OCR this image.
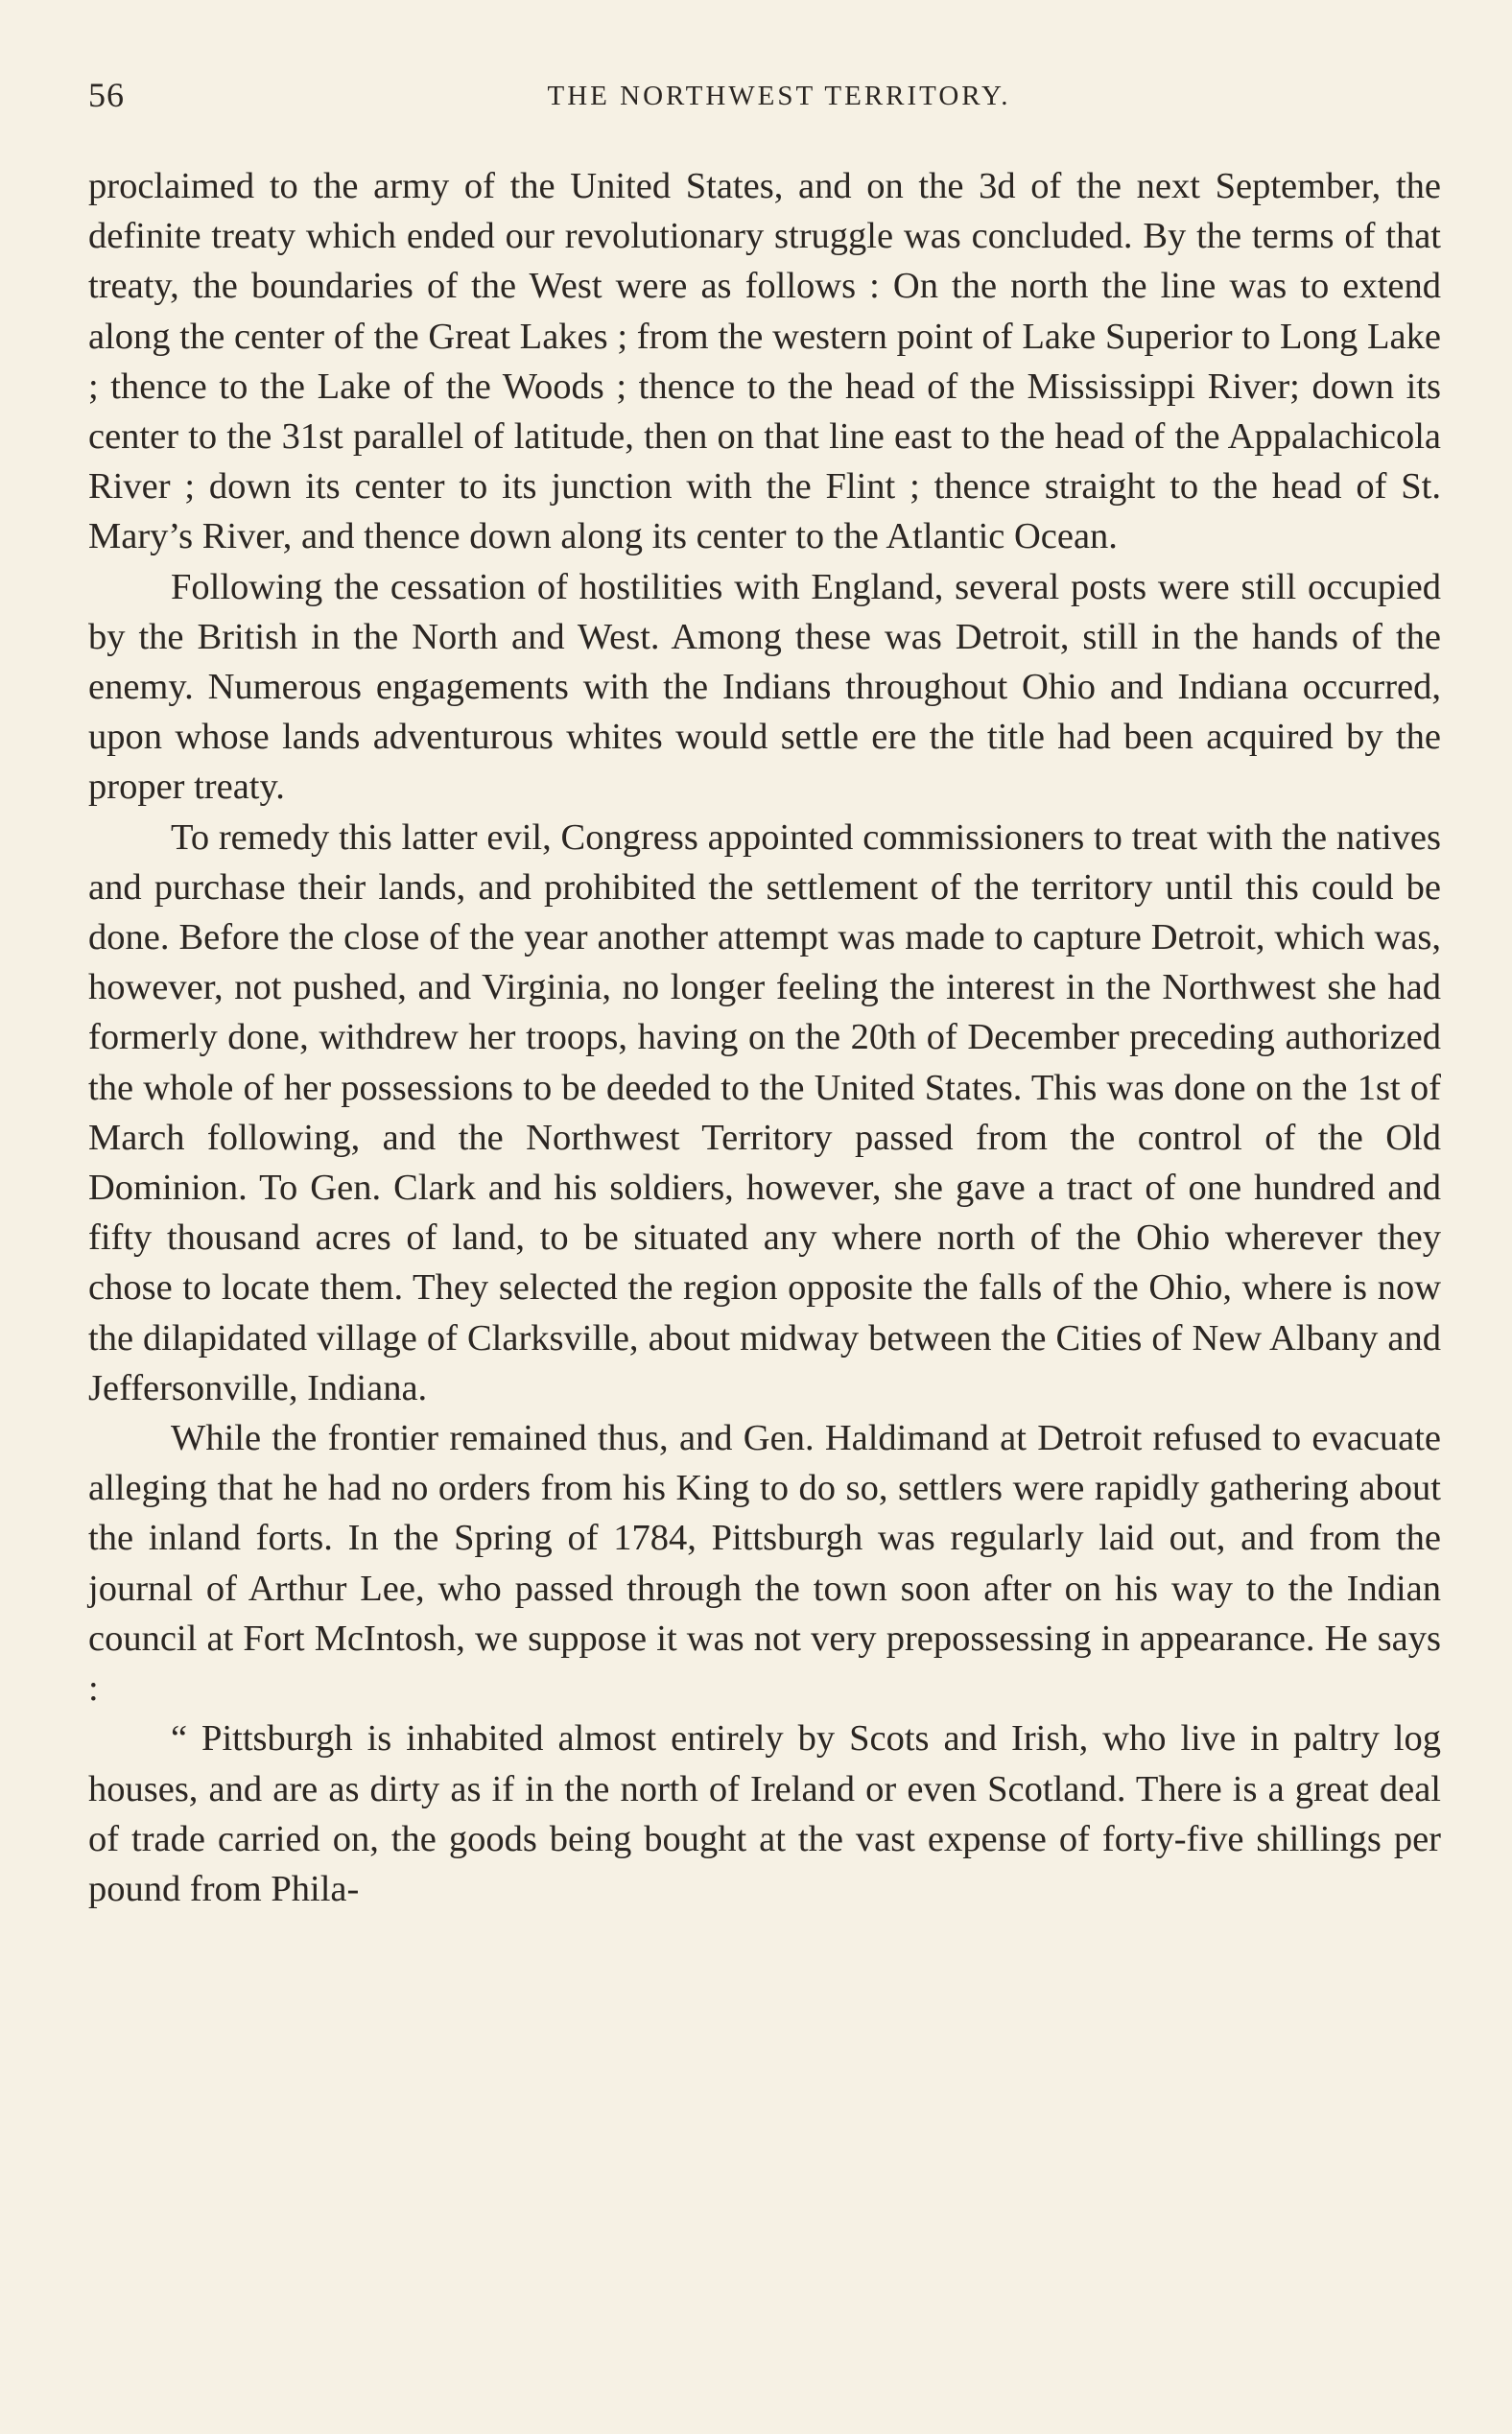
56	THE NORTHWEST TERRITORY.

proclaimed to the army of the United States, and on the 3d of the next September, the definite treaty which ended our revolutionary struggle was concluded. By the terms of that treaty, the boundaries of the West were as follows : On the north the line was to extend along the center of the Great Lakes ; from the western point of Lake Superior to Long Lake ; thence to the Lake of the Woods ; thence to the head of the Mississippi River; down its center to the 31st parallel of latitude, then on that line east to the head of the Appalachicola River ; down its center to its junction with the Flint ; thence straight to the head of St. Mary’s River, and thence down along its center to the Atlantic Ocean.

Following the cessation of hostilities with England, several posts were still occupied by the British in the North and West. Among these was Detroit, still in the hands of the enemy. Numerous engagements with the Indians throughout Ohio and Indiana occurred, upon whose lands adventurous whites would settle ere the title had been acquired by the proper treaty.

To remedy this latter evil, Congress appointed commissioners to treat with the natives and purchase their lands, and prohibited the settlement of the territory until this could be done. Before the close of the year another attempt was made to capture Detroit, which was, however, not pushed, and Virginia, no longer feeling the interest in the Northwest she had formerly done, withdrew her troops, having on the 20th of December preceding authorized the whole of her possessions to be deeded to the United States. This was done on the 1st of March following, and the Northwest Territory passed from the control of the Old Dominion. To Gen. Clark and his soldiers, however, she gave a tract of one hundred and fifty thousand acres of land, to be situated any where north of the Ohio wherever they chose to locate them. They selected the region opposite the falls of the Ohio, where is now the dilapidated village of Clarksville, about midway between the Cities of New Albany and Jeffersonville, Indiana.

While the frontier remained thus, and Gen. Haldimand at Detroit refused to evacuate alleging that he had no orders from his King to do so, settlers were rapidly gathering about the inland forts. In the Spring of 1784, Pittsburgh was regularly laid out, and from the journal of Arthur Lee, who passed through the town soon after on his way to the Indian council at Fort McIntosh, we suppose it was not very prepossessing in appearance. He says :

“ Pittsburgh is inhabited almost entirely by Scots and Irish, who live in paltry log houses, and are as dirty as if in the north of Ireland or even Scotland. There is a great deal of trade carried on, the goods being bought at the vast expense of forty-five shillings per pound from Phila-
